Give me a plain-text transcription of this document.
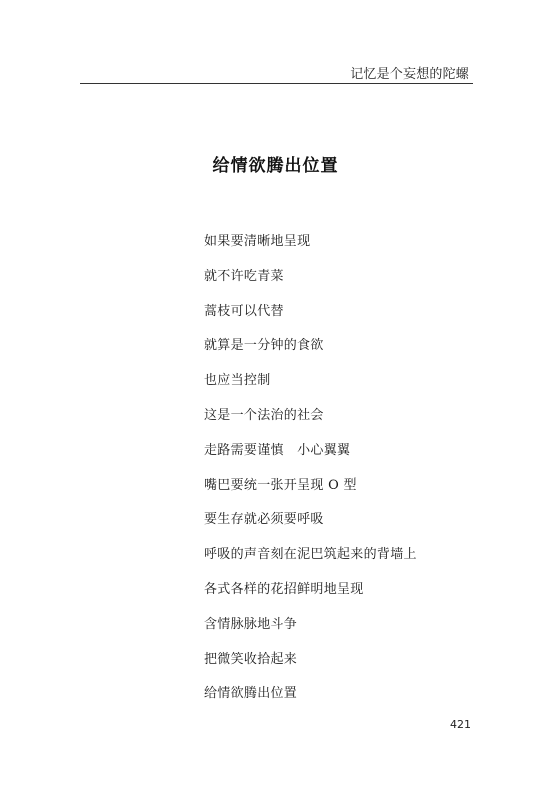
记忆是个妄想的陀螺
给情欲腾出位置
如果要清晰地呈现
就不许吃青菜
蒿枝可以代替
就算是一分钟的食欲
也应当控制
这是一个法治的社会
走路需要谨慎　小心翼翼
嘴巴要统一张开呈现 O 型
要生存就必须要呼吸
呼吸的声音刻在泥巴筑起来的背墙上
各式各样的花招鲜明地呈现
含情脉脉地斗争
把微笑收拾起来
给情欲腾出位置
421
